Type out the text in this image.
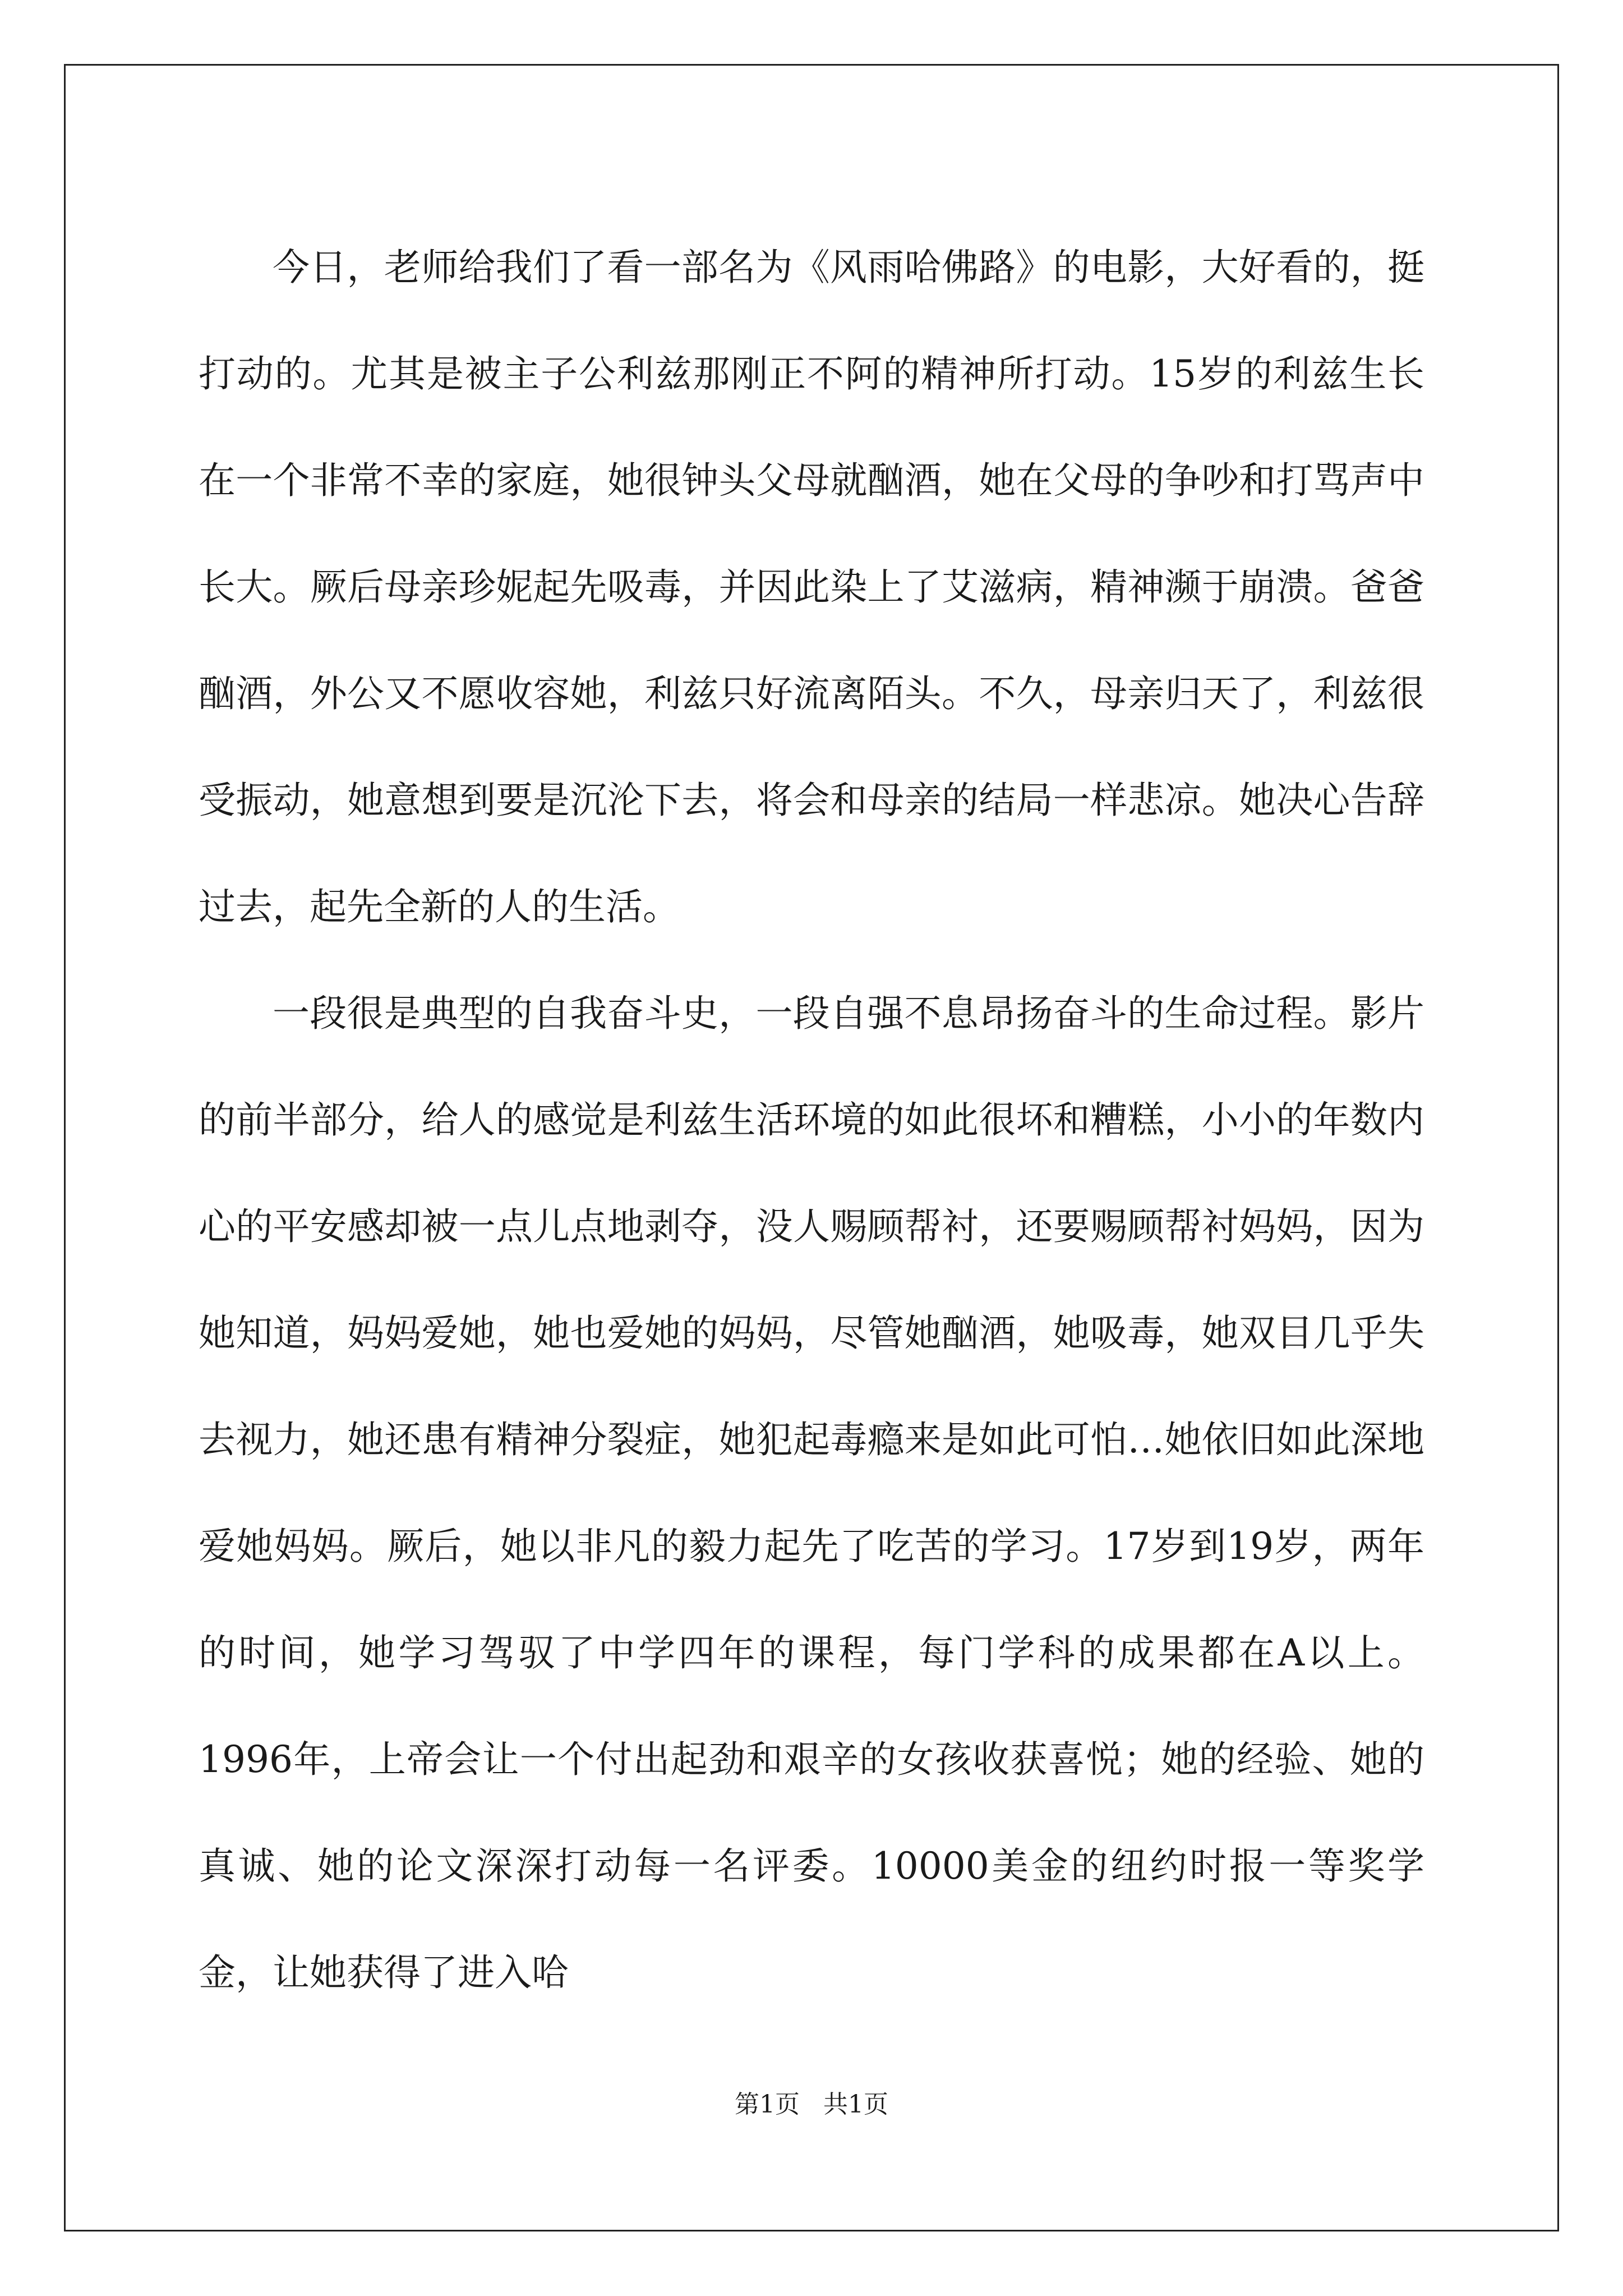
今日，老师给我们了看一部名为《风雨哈佛路》的电影，大好看的，挺打动的。尤其是被主子公利兹那刚正不阿的精神所打动。15岁的利兹生长在一个非常不幸的家庭，她很钟头父母就酗酒，她在父母的争吵和打骂声中长大。厥后母亲珍妮起先吸毒，并因此染上了艾滋病，精神濒于崩溃。爸爸酗酒，外公又不愿收容她，利兹只好流离陌头。不久，母亲归天了，利兹很受振动，她意想到要是沉沦下去，将会和母亲的结局一样悲凉。她决心告辞过去，起先全新的人的生活。

一段很是典型的自我奋斗史，一段自强不息昂扬奋斗的生命过程。影片的前半部分，给人的感觉是利兹生活环境的如此很坏和糟糕，小小的年数内心的平安感却被一点儿点地剥夺，没人赐顾帮衬，还要赐顾帮衬妈妈，因为她知道，妈妈爱她，她也爱她的妈妈，尽管她酗酒，她吸毒，她双目几乎失去视力，她还患有精神分裂症，她犯起毒瘾来是如此可怕…她依旧如此深地爱她妈妈。厥后，她以非凡的毅力起先了吃苦的学习。17岁到19岁，两年的时间，她学习驾驭了中学四年的课程，每门学科的成果都在A以上。1996年，上帝会让一个付出起劲和艰辛的女孩收获喜悦；她的经验、她的真诚、她的论文深深打动每一名评委。10000美金的纽约时报一等奖学金，让她获得了进入哈

第1页 共1页
